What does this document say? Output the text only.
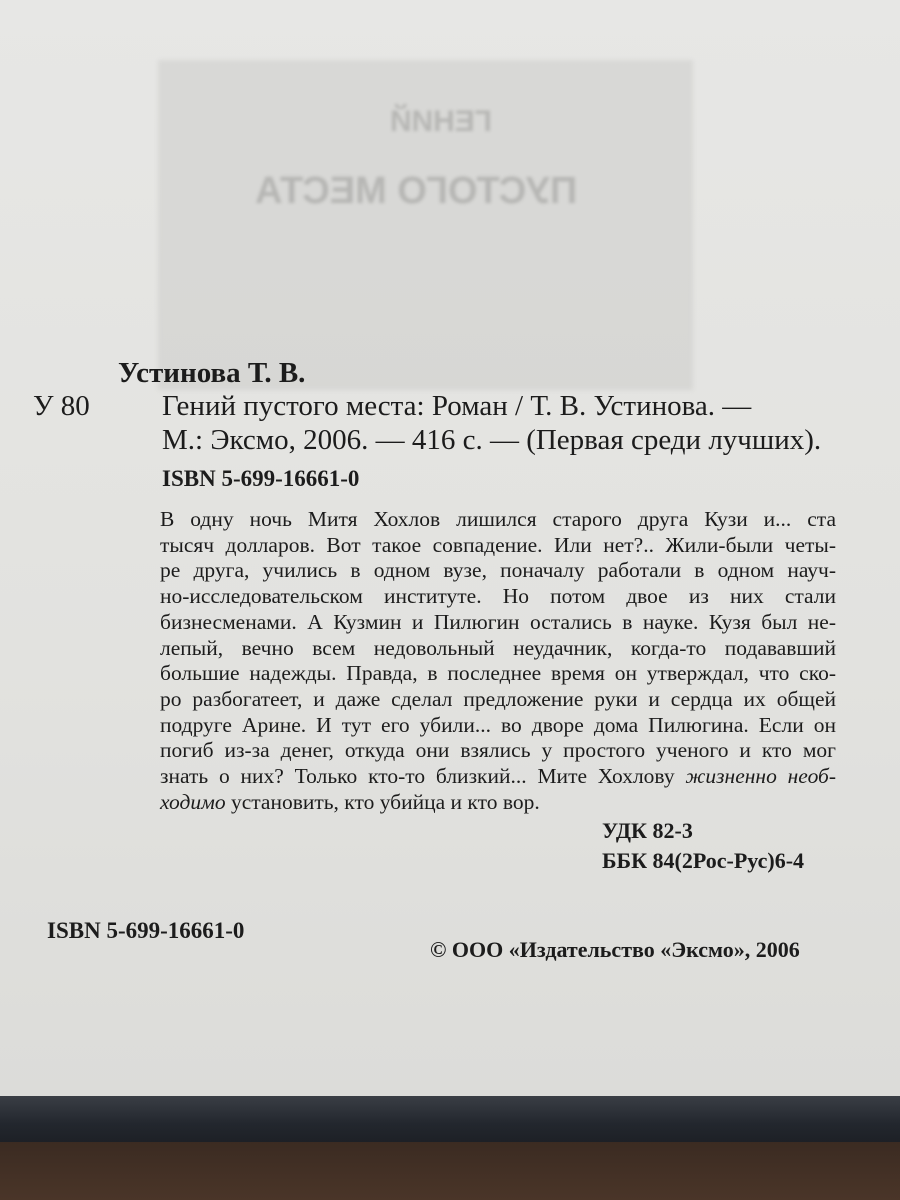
ГЕНИЙ
ПУСТОГО МЕСТА
Устинова Т. В.
У 80 Гений пустого места: Роман / Т. В. Устинова. —
М.: Эксмо, 2006. — 416 с. — (Первая среди лучших).
ISBN 5-699-16661-0
В одну ночь Митя Хохлов лишился старого друга Кузи и... ста
тысяч долларов. Вот такое совпадение. Или нет?.. Жили-были четы-
ре друга, учились в одном вузе, поначалу работали в одном науч-
но-исследовательском институте. Но потом двое из них стали
бизнесменами. А Кузмин и Пилюгин остались в науке. Кузя был не-
лепый, вечно всем недовольный неудачник, когда-то подававший
большие надежды. Правда, в последнее время он утверждал, что ско-
ро разбогатеет, и даже сделал предложение руки и сердца их общей
подруге Арине. И тут его убили... во дворе дома Пилюгина. Если он
погиб из-за денег, откуда они взялись у простого ученого и кто мог
знать о них? Только кто-то близкий... Мите Хохлову жизненно необ-
ходимо установить, кто убийца и кто вор.
УДК 82-3
ББК 84(2Рос-Рус)6-4
ISBN 5-699-16661-0
© ООО «Издательство «Эксмо», 2006
